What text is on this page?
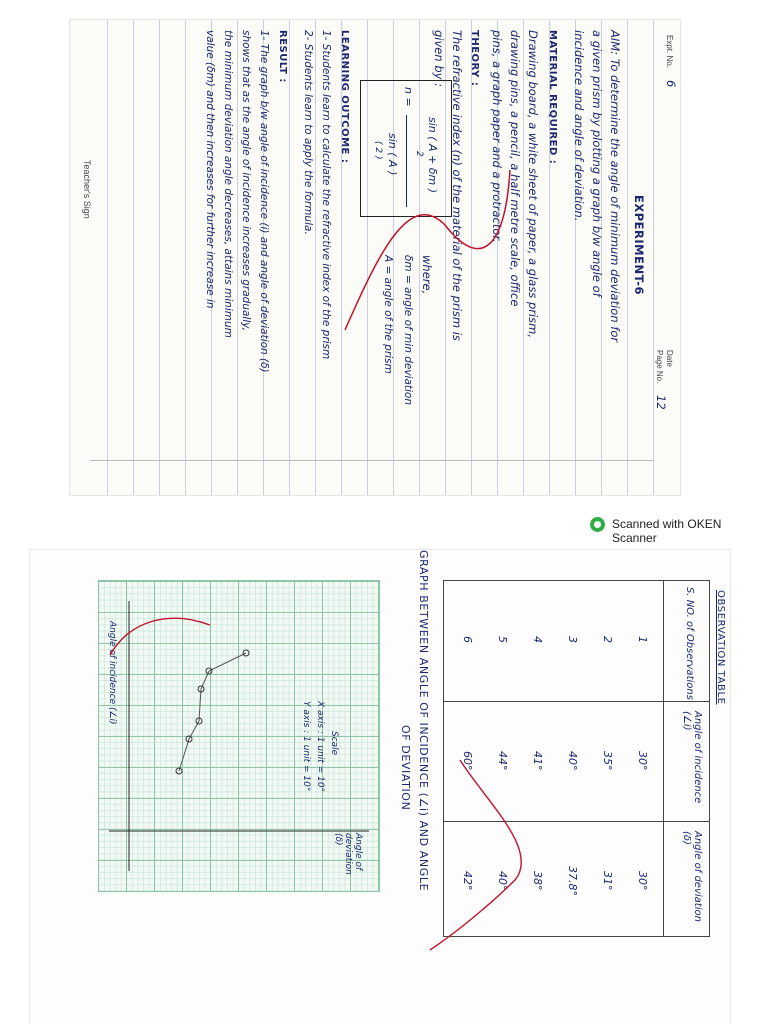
Expt. No.
6
Date
Page No.
12
EXPERIMENT-6
AIM: To determine the angle of minimum deviation for
a given prism by plotting a graph b/w angle of
incidence and angle of deviation.
MATERIAL REQUIRED :
Drawing board, a white sheet of paper, a glass prism,
drawing pins, a pencil, a half metre scale, office
pins, a graph paper and a protractor.
THEORY :
The refractive index (n) of the material of the prism is
given by :
n =
sin ( A + δm )
2
sin ( A )
( 2 )
where,
δm = angle of min deviation
A = angle of the prism
LEARNING OUTCOME :
1- Students learn to calculate the refractive index of the prism
2- Students learn to apply the formula.
RESULT :
1- The graph b/w angle of incidence (i) and angle of deviation (δ)
shows that as the angle of incidence increases gradually,
the minimum deviation angle decreases, attains minimum
value (δm) and then increases for further increase in
Teacher's Sign
Scanned with OKEN Scanner
OBSERVATION TABLE
S. NO. of Observations
Angle of incidence (∠i)
Angle of deviation (δ)
1
30°
30°
2
35°
31°
3
40°
37.8°
4
41°
38°
5
44°
40°
6
60°
42°
GRAPH BETWEEN ANGLE OF INCIDENCE (∠i) AND ANGLE
OF DEVIATION
Scale
X axis : 1 unit = 10°
Y axis : 1 unit = 10°
Angle of incidence (∠i)
Angle of deviation (δ)
